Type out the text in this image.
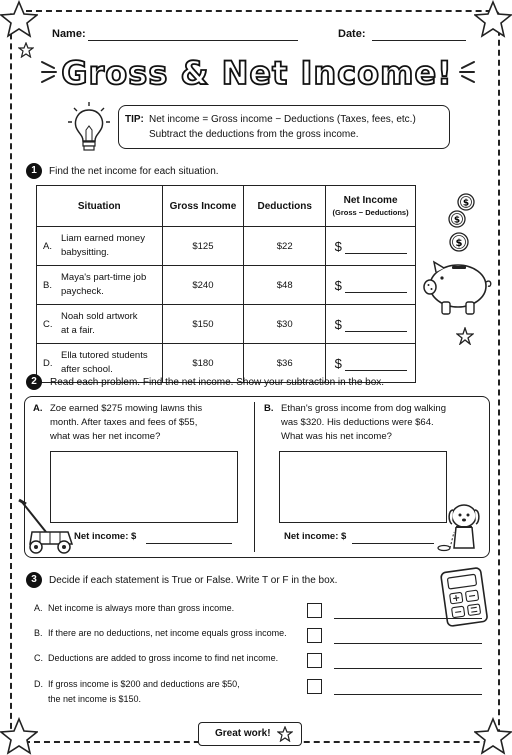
Name:	Date:
Gross & Net Income!
TIP: Net income = Gross income − Deductions (Taxes, fees, etc.)
Subtract the deductions from the gross income.
1	Find the net income for each situation.
Situation	Gross Income	Deductions	Net Income
(Gross − Deductions)

A.Liam earned money
babysitting.	$125	$22	$
B.Maya's part-time job
paycheck.	$240	$48	$
C.Noah sold artwork
at a fair.	$150	$30	$
D.Ella tutored students
after school.	$180	$36	$
$
$
$
2	Read each problem. Find the net income. Show your subtraction in the box.
A. Zoe earned $275 mowing lawns this
month. After taxes and fees of $55,
what was her net income?
Net income: $
B. Ethan's gross income from dog walking
was $320. His deductions were $64.
What was his net income?
Net income: $
3	Decide if each statement is True or False. Write T or F in the box.
A. Net income is always more than gross income.
B. If there are no deductions, net income equals gross income.
C. Deductions are added to gross income to find net income.
D. If gross income is $200 and deductions are $50,
the net income is $150.
Great work!
